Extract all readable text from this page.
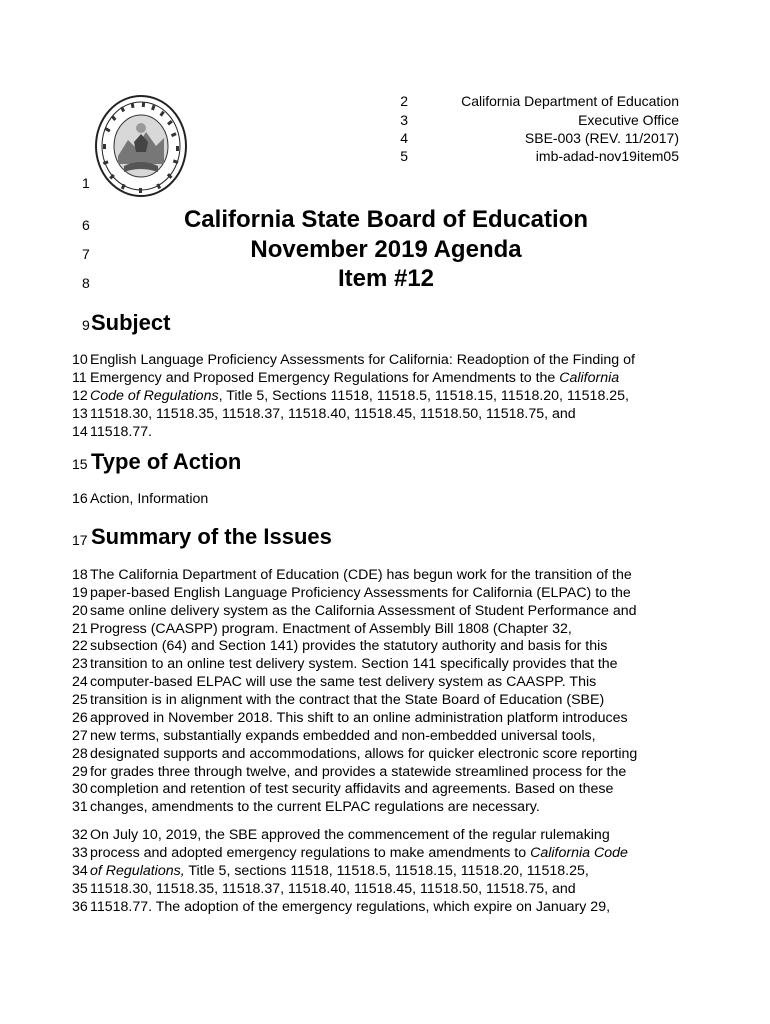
2	California Department of Education
3	Executive Office
4	SBE-003 (REV. 11/2017)
5	imb-adad-nov19item05
1
6	California State Board of Education
7	November 2019 Agenda
8	Item #12
9 Subject
10 English Language Proficiency Assessments for California: Readoption of the Finding of
11 Emergency and Proposed Emergency Regulations for Amendments to the California
12 Code of Regulations, Title 5, Sections 11518, 11518.5, 11518.15, 11518.20, 11518.25,
13 11518.30, 11518.35, 11518.37, 11518.40, 11518.45, 11518.50, 11518.75, and
14 11518.77.
15 Type of Action
16 Action, Information
17 Summary of the Issues
18 The California Department of Education (CDE) has begun work for the transition of the
19 paper-based English Language Proficiency Assessments for California (ELPAC) to the
20 same online delivery system as the California Assessment of Student Performance and
21 Progress (CAASPP) program. Enactment of Assembly Bill 1808 (Chapter 32,
22 subsection (64) and Section 141) provides the statutory authority and basis for this
23 transition to an online test delivery system. Section 141 specifically provides that the
24 computer-based ELPAC will use the same test delivery system as CAASPP. This
25 transition is in alignment with the contract that the State Board of Education (SBE)
26 approved in November 2018. This shift to an online administration platform introduces
27 new terms, substantially expands embedded and non-embedded universal tools,
28 designated supports and accommodations, allows for quicker electronic score reporting
29 for grades three through twelve, and provides a statewide streamlined process for the
30 completion and retention of test security affidavits and agreements. Based on these
31 changes, amendments to the current ELPAC regulations are necessary.
32 On July 10, 2019, the SBE approved the commencement of the regular rulemaking
33 process and adopted emergency regulations to make amendments to California Code
34 of Regulations, Title 5, sections 11518, 11518.5, 11518.15, 11518.20, 11518.25,
35 11518.30, 11518.35, 11518.37, 11518.40, 11518.45, 11518.50, 11518.75, and
36 11518.77. The adoption of the emergency regulations, which expire on January 29,
